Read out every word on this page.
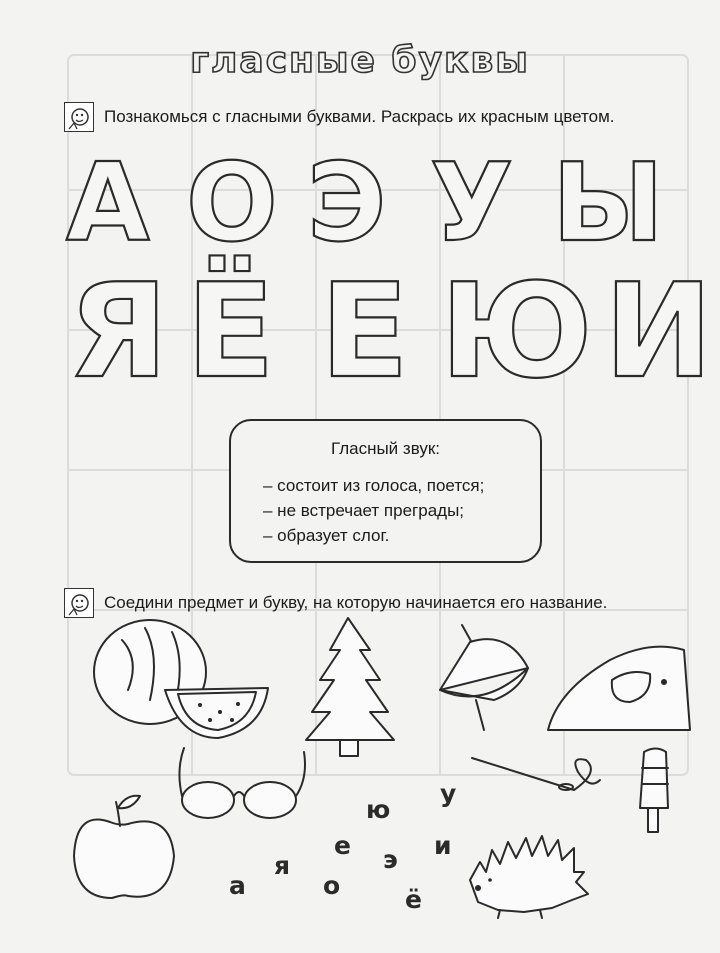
гласные буквы
Познакомься с гласными буквами. Раскрась их красным цветом.
А О Э У Ы
Я Ё Е Ю И
Гласный звук:
– состоит из голоса, поется;
– не встречает преграды;
– образует слог.
Соедини предмет и букву, на которую начинается его название.
у
ю
е	и
я	э
а	о	ё
